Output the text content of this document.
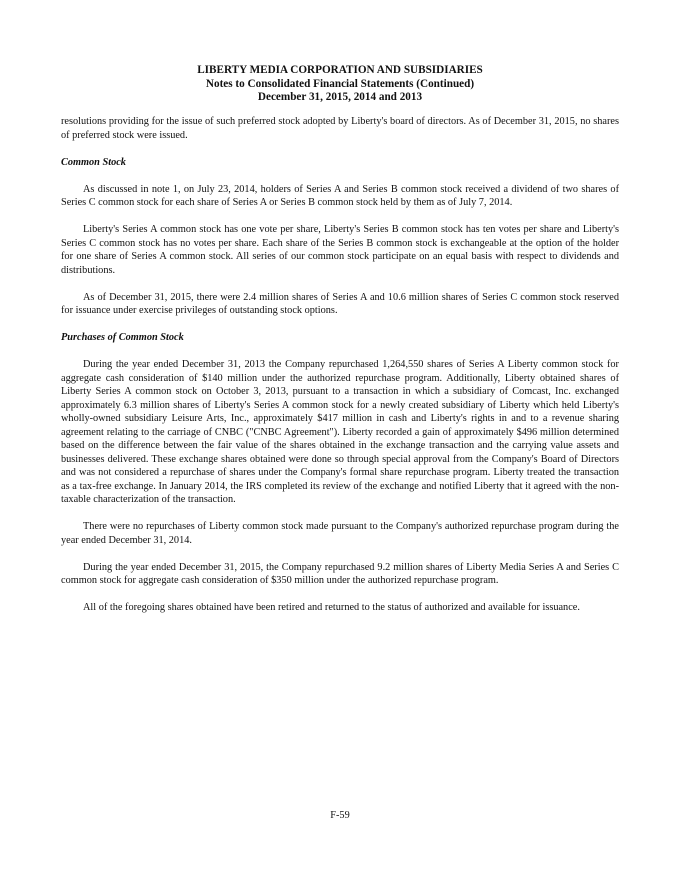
LIBERTY MEDIA CORPORATION AND SUBSIDIARIES
Notes to Consolidated Financial Statements (Continued)
December 31, 2015, 2014 and 2013

resolutions providing for the issue of such preferred stock adopted by Liberty's board of directors. As of December 31, 2015, no shares of preferred stock were issued.

Common Stock

As discussed in note 1, on July 23, 2014, holders of Series A and Series B common stock received a dividend of two shares of Series C common stock for each share of Series A or Series B common stock held by them as of July 7, 2014.

Liberty's Series A common stock has one vote per share, Liberty's Series B common stock has ten votes per share and Liberty's Series C common stock has no votes per share. Each share of the Series B common stock is exchangeable at the option of the holder for one share of Series A common stock. All series of our common stock participate on an equal basis with respect to dividends and distributions.

As of December 31, 2015, there were 2.4 million shares of Series A and 10.6 million shares of Series C common stock reserved for issuance under exercise privileges of outstanding stock options.

Purchases of Common Stock

During the year ended December 31, 2013 the Company repurchased 1,264,550 shares of Series A Liberty common stock for aggregate cash consideration of $140 million under the authorized repurchase program. Additionally, Liberty obtained shares of Liberty Series A common stock on October 3, 2013, pursuant to a transaction in which a subsidiary of Comcast, Inc. exchanged approximately 6.3 million shares of Liberty's Series A common stock for a newly created subsidiary of Liberty which held Liberty's wholly-owned subsidiary Leisure Arts, Inc., approximately $417 million in cash and Liberty's rights in and to a revenue sharing agreement relating to the carriage of CNBC ("CNBC Agreement"). Liberty recorded a gain of approximately $496 million determined based on the difference between the fair value of the shares obtained in the exchange transaction and the carrying value assets and businesses delivered. These exchange shares obtained were done so through special approval from the Company's Board of Directors and was not considered a repurchase of shares under the Company's formal share repurchase program. Liberty treated the transaction as a tax-free exchange. In January 2014, the IRS completed its review of the exchange and notified Liberty that it agreed with the non-taxable characterization of the transaction.

There were no repurchases of Liberty common stock made pursuant to the Company's authorized repurchase program during the year ended December 31, 2014.

During the year ended December 31, 2015, the Company repurchased 9.2 million shares of Liberty Media Series A and Series C common stock for aggregate cash consideration of $350 million under the authorized repurchase program.

All of the foregoing shares obtained have been retired and returned to the status of authorized and available for issuance.

F-59
